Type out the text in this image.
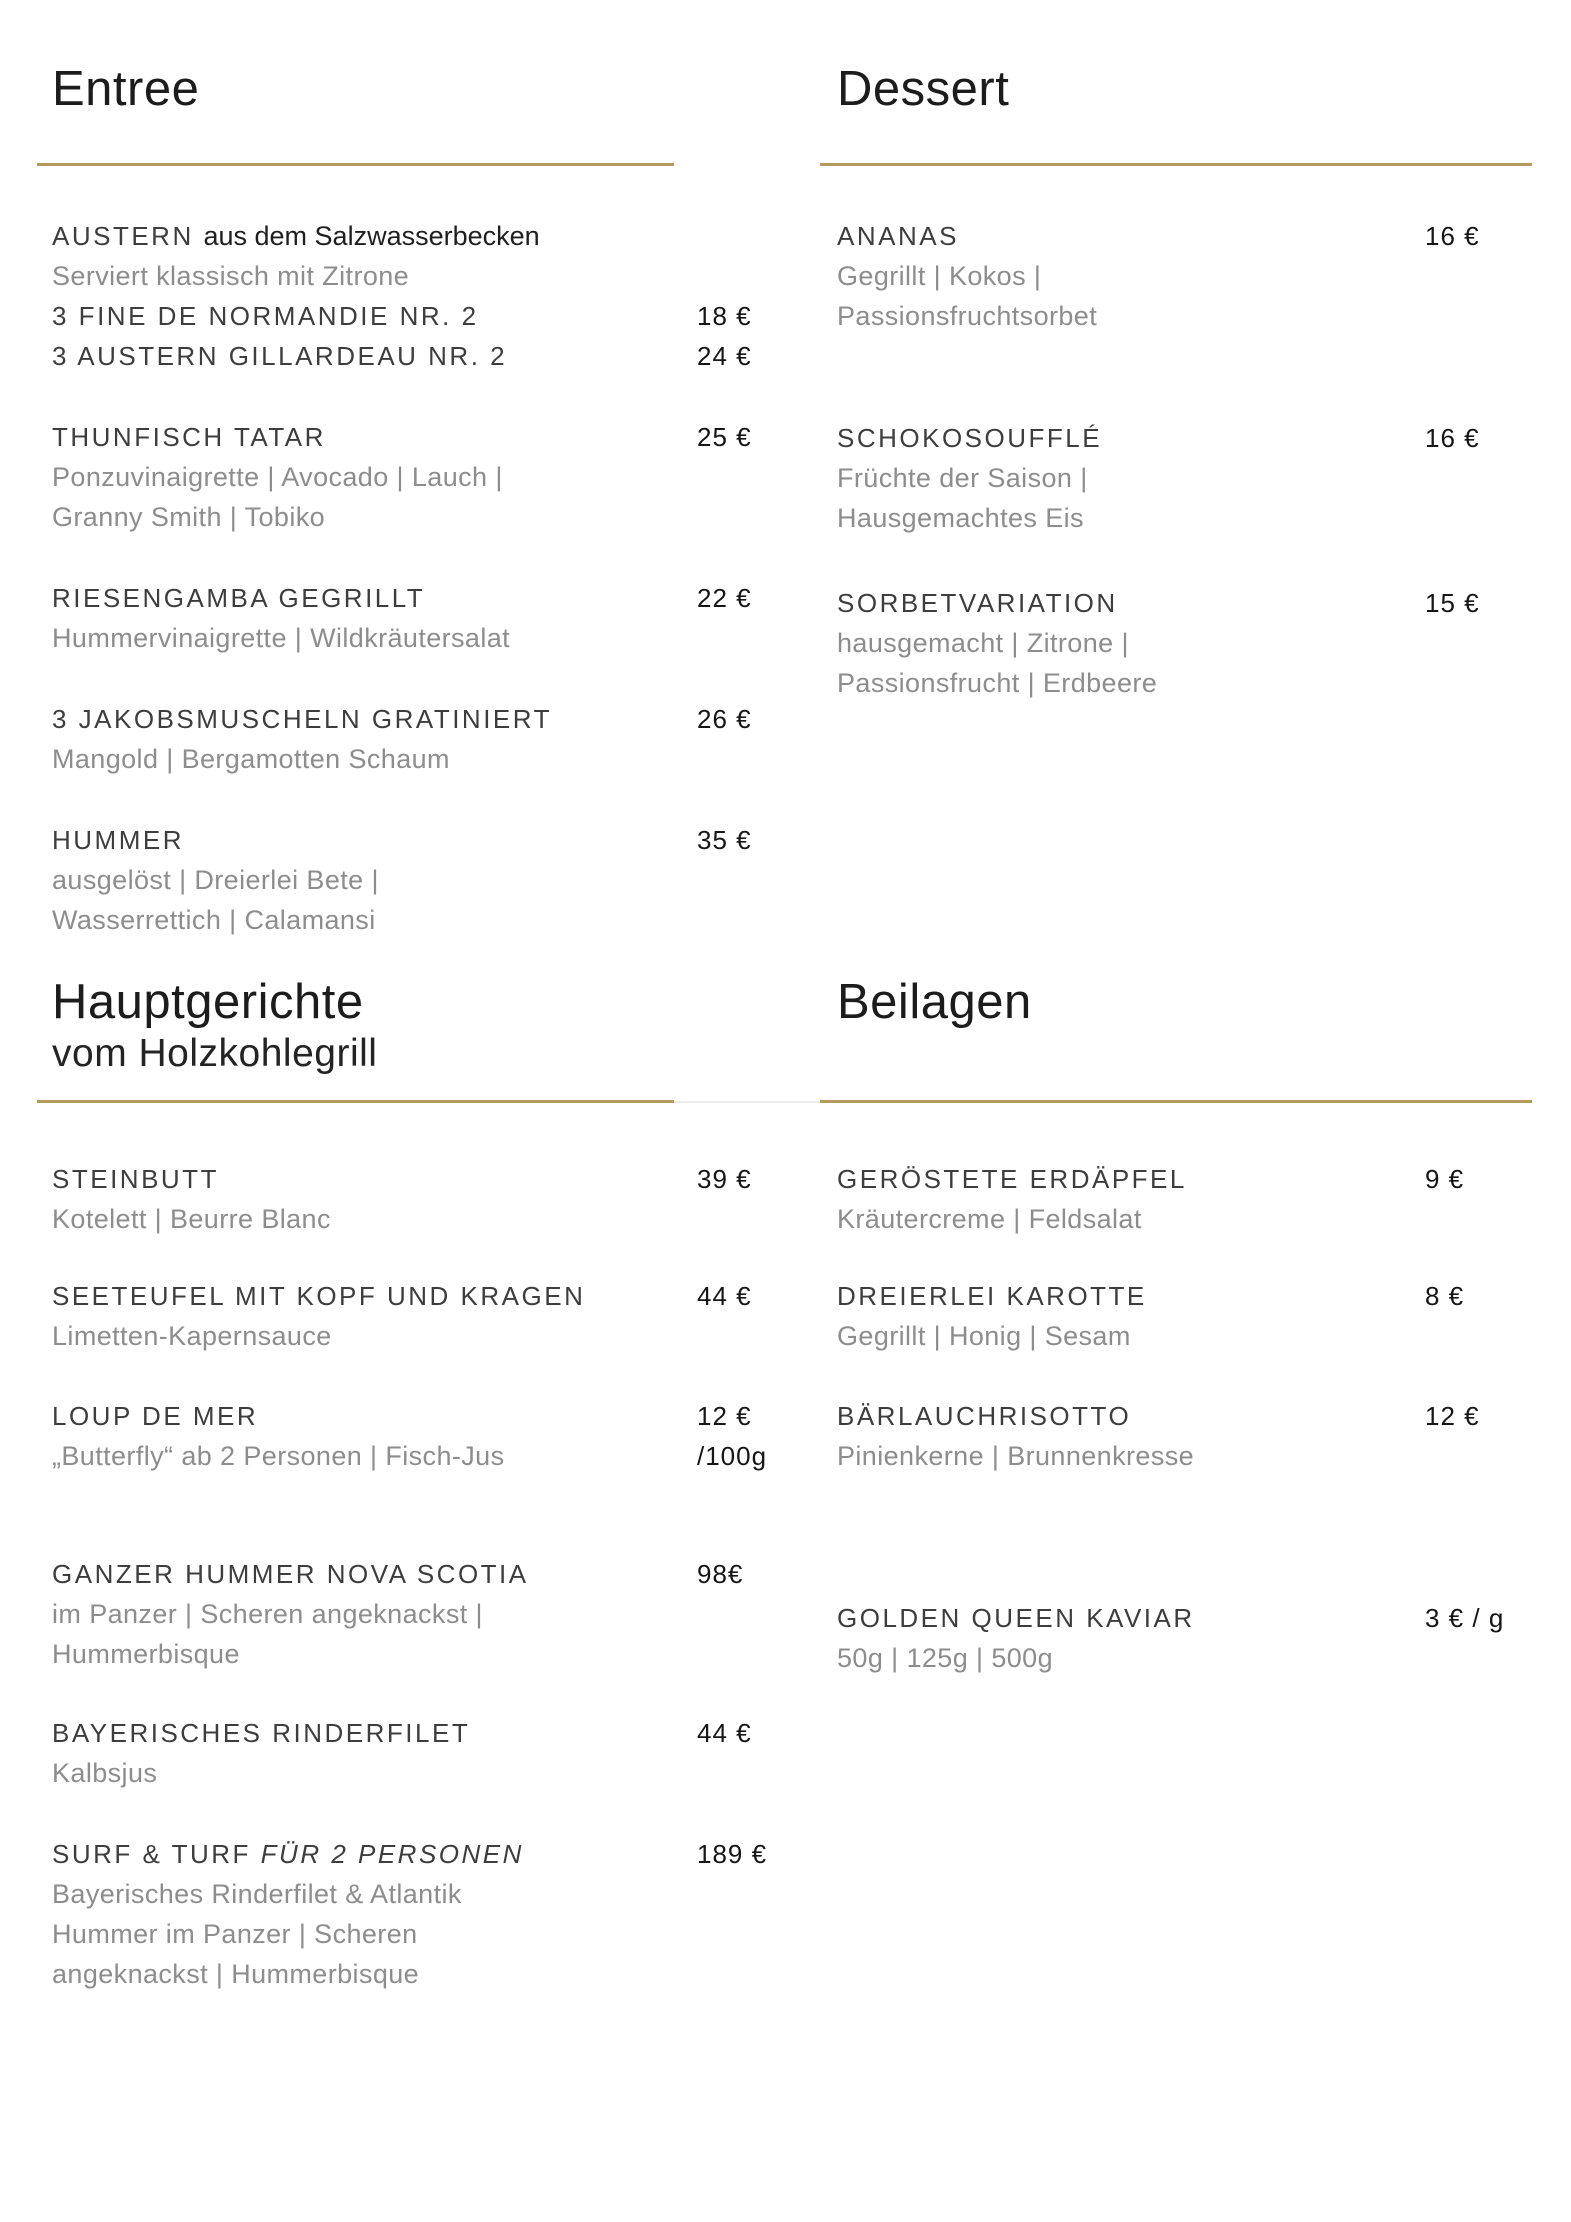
Entree
AUSTERN aus dem Salzwasserbecken
Serviert klassisch mit Zitrone
3 FINE DE NORMANDIE NR. 2	18 €
3 AUSTERN GILLARDEAU NR. 2	24 €
THUNFISCH TATAR
Ponzuvinaigrette | Avocado | Lauch |
Granny Smith | Tobiko
25 €
RIESENGAMBA GEGRILLT
Hummervinaigrette | Wildkräutersalat
22 €
3 JAKOBSMUSCHELN GRATINIERT
Mangold | Bergamotten Schaum
26 €
HUMMER
ausgelöst | Dreierlei Bete |
Wasserrettich | Calamansi
35 €
Dessert
ANANAS
Gegrillt | Kokos |
Passionsfruchtsorbet
16 €
SCHOKOSOUFFLÉ
Früchte der Saison |
Hausgemachtes Eis
16 €
SORBETVARIATION
hausgemacht | Zitrone |
Passionsfrucht | Erdbeere
15 €
Hauptgerichte
vom Holzkohlegrill
STEINBUTT
Kotelett | Beurre Blanc
39 €
SEETEUFEL MIT KOPF UND KRAGEN
Limetten-Kapernsauce
44 €
LOUP DE MER
„Butterfly“ ab 2 Personen | Fisch-Jus
12 €
/100g
GANZER HUMMER NOVA SCOTIA
im Panzer | Scheren angeknackst |
Hummerbisque
98€
BAYERISCHES RINDERFILET
Kalbsjus
44 €
SURF & TURF FÜR 2 PERSONEN
Bayerisches Rinderfilet & Atlantik
Hummer im Panzer | Scheren
angeknackst | Hummerbisque
189 €
Beilagen
GERÖSTETE ERDÄPFEL
Kräutercreme | Feldsalat
9 €
DREIERLEI KAROTTE
Gegrillt | Honig | Sesam
8 €
BÄRLAUCHRISOTTO
Pinienkerne | Brunnenkresse
12 €
GOLDEN QUEEN KAVIAR
50g | 125g | 500g
3 € / g
